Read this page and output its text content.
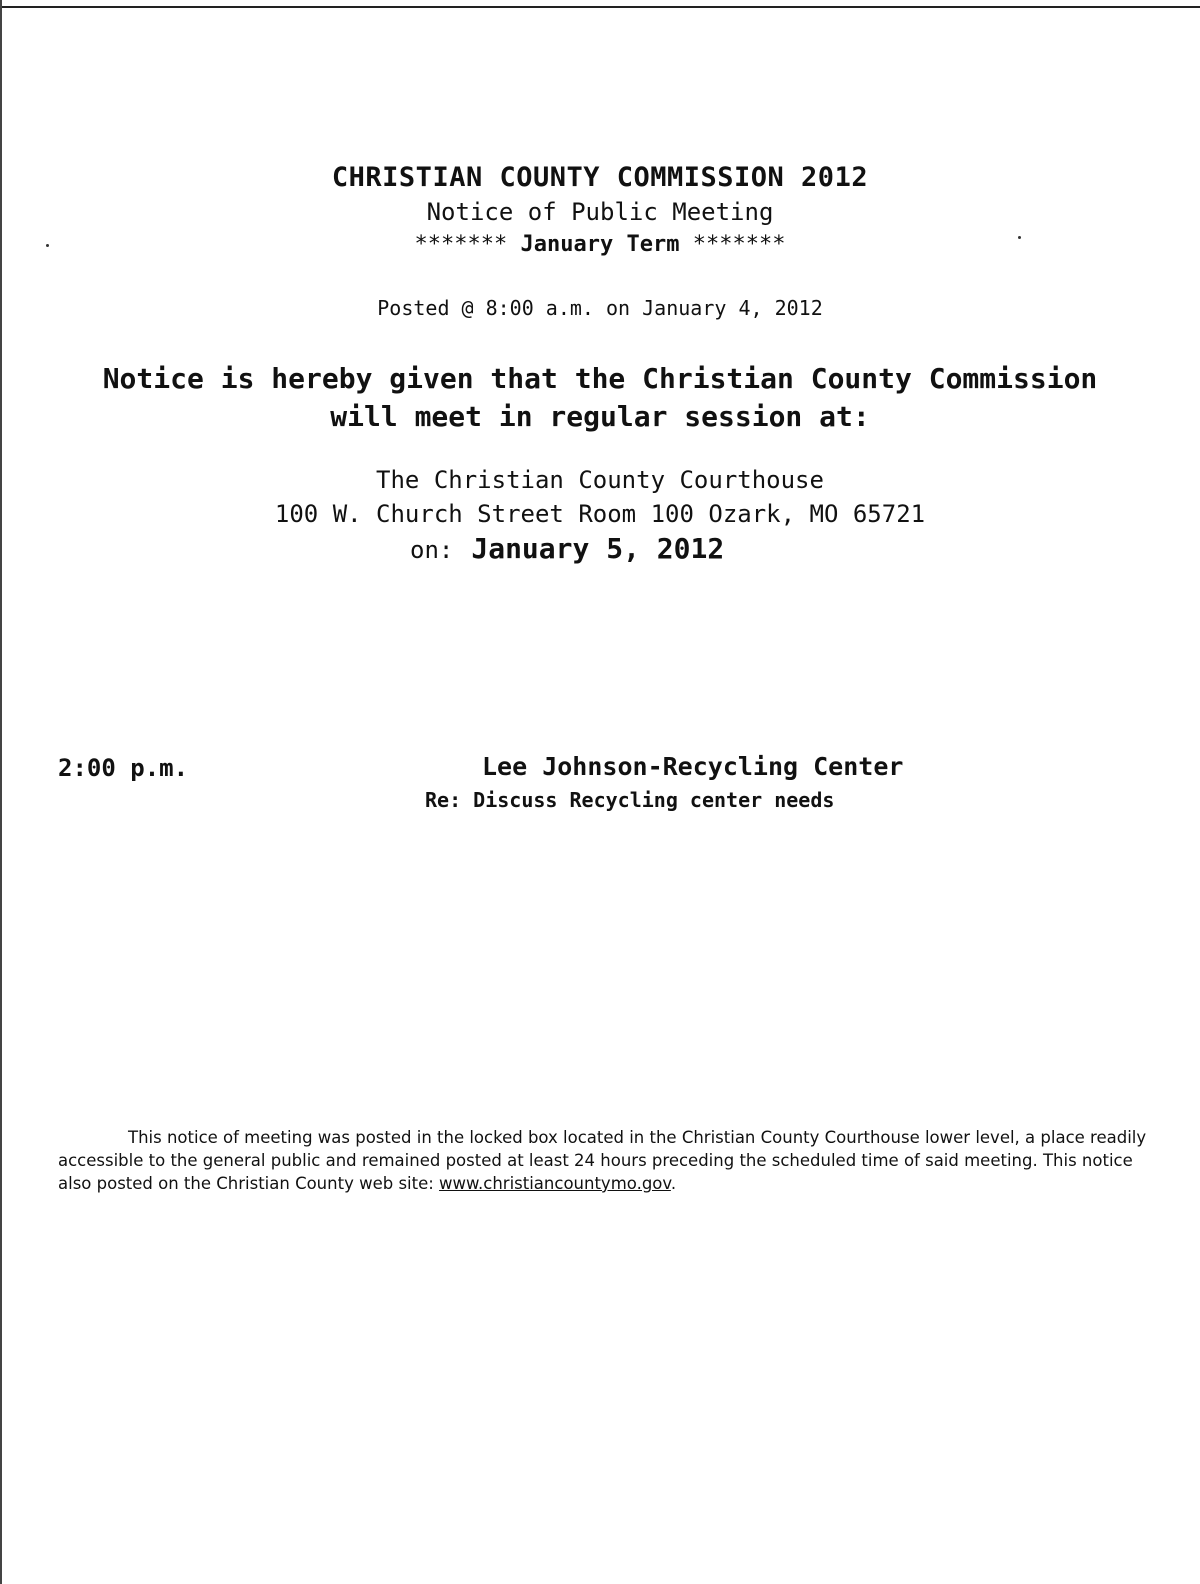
CHRISTIAN COUNTY COMMISSION 2012
Notice of Public Meeting
******* January Term *******
Posted @ 8:00 a.m. on January 4, 2012
Notice is hereby given that the Christian County Commission
will meet in regular session at:
The Christian County Courthouse
100 W. Church Street Room 100 Ozark, MO 65721
on: January 5, 2012
2:00 p.m.	Lee Johnson-Recycling Center
Re: Discuss Recycling center needs
This notice of meeting was posted in the locked box located in the Christian County Courthouse lower level, a place readily accessible to the general public and remained posted at least 24 hours preceding the scheduled time of said meeting. This notice also posted on the Christian County web site: www.christiancountymo.gov.
